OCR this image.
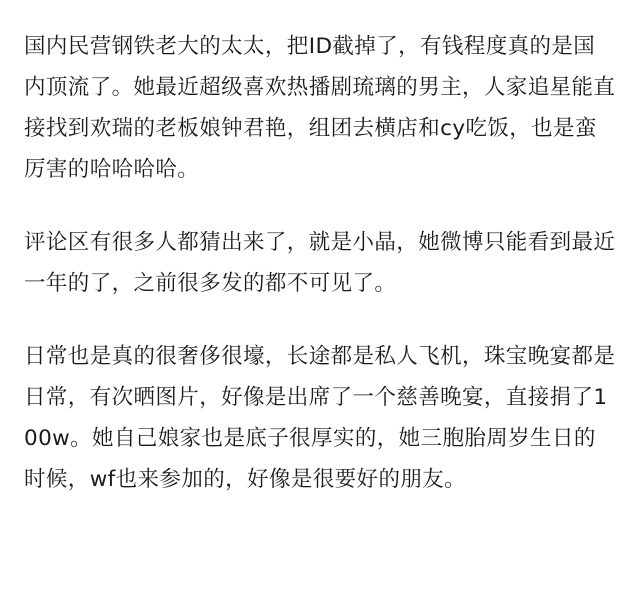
国内民营钢铁老大的太太，把ID截掉了，有钱程度真的是国内顶流了。她最近超级喜欢热播剧琉璃的男主，人家追星能直接找到欢瑞的老板娘钟君艳，组团去横店和cy吃饭，也是蛮厉害的哈哈哈哈。

评论区有很多人都猜出来了，就是小晶，她微博只能看到最近一年的了，之前很多发的都不可见了。

日常也是真的很奢侈很壕，长途都是私人飞机，珠宝晚宴都是日常，有次晒图片，好像是出席了一个慈善晚宴，直接捐了100w。她自己娘家也是底子很厚实的，她三胞胎周岁生日的时候，wf也来参加的，好像是很要好的朋友。
